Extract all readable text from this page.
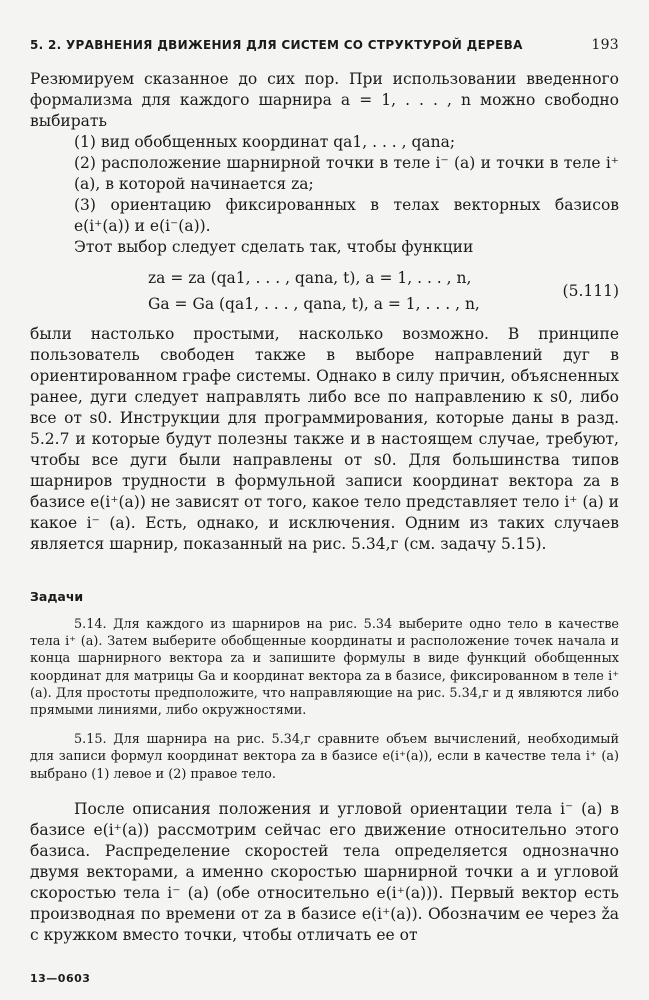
5. 2. УРАВНЕНИЯ ДВИЖЕНИЯ ДЛЯ СИСТЕМ СО СТРУКТУРОЙ ДЕРЕВА	193

Резюмируем сказанное до сих пор. При использовании введенного формализма для каждого шарнира a = 1, . . . , n можно свободно выбирать

(1) вид обобщенных координат qa1, . . . , qana;

(2) расположение шарнирной точки в теле i⁻ (a) и точки в теле i⁺ (a), в которой начинается za;

(3) ориентацию фиксированных в телах векторных базисов e(i⁺(a)) и e(i⁻(a)).

Этот выбор следует сделать так, чтобы функции

za = za (qa1, . . . , qana, t), a = 1, . . . , n,
Ga = Ga (qa1, . . . , qana, t), a = 1, . . . , n,
(5.111)

были настолько простыми, насколько возможно. В принципе пользователь свободен также в выборе направлений дуг в ориентированном графе системы. Однако в силу причин, объясненных ранее, дуги следует направлять либо все по направлению к s0, либо все от s0. Инструкции для программирования, которые даны в разд. 5.2.7 и которые будут полезны также и в настоящем случае, требуют, чтобы все дуги были направлены от s0. Для большинства типов шарниров трудности в формульной записи координат вектора za в базисе e(i⁺(a)) не зависят от того, какое тело представляет тело i⁺ (a) и какое i⁻ (a). Есть, однако, и исключения. Одним из таких случаев является шарнир, показанный на рис. 5.34,г (см. задачу 5.15).

Задачи

5.14. Для каждого из шарниров на рис. 5.34 выберите одно тело в качестве тела i⁺ (a). Затем выберите обобщенные координаты и расположение точек начала и конца шарнирного вектора za и запишите формулы в виде функций обобщенных координат для матрицы Ga и координат вектора za в базисе, фиксированном в теле i⁺ (a). Для простоты предположите, что направляющие на рис. 5.34,г и д являются либо прямыми линиями, либо окружностями.

5.15. Для шарнира на рис. 5.34,г сравните объем вычислений, необходимый для записи формул координат вектора za в базисе e(i⁺(a)), если в качестве тела i⁺ (a) выбрано (1) левое и (2) правое тело.

После описания положения и угловой ориентации тела i⁻ (a) в базисе e(i⁺(a)) рассмотрим сейчас его движение относительно этого базиса. Распределение скоростей тела определяется однозначно двумя векторами, а именно скоростью шарнирной точки a и угловой скоростью тела i⁻ (a) (обе относительно e(i⁺(a))). Первый вектор есть производная по времени от za в базисе e(i⁺(a)). Обозначим ее через ža с кружком вместо точки, чтобы отличать ее от

13—0603
